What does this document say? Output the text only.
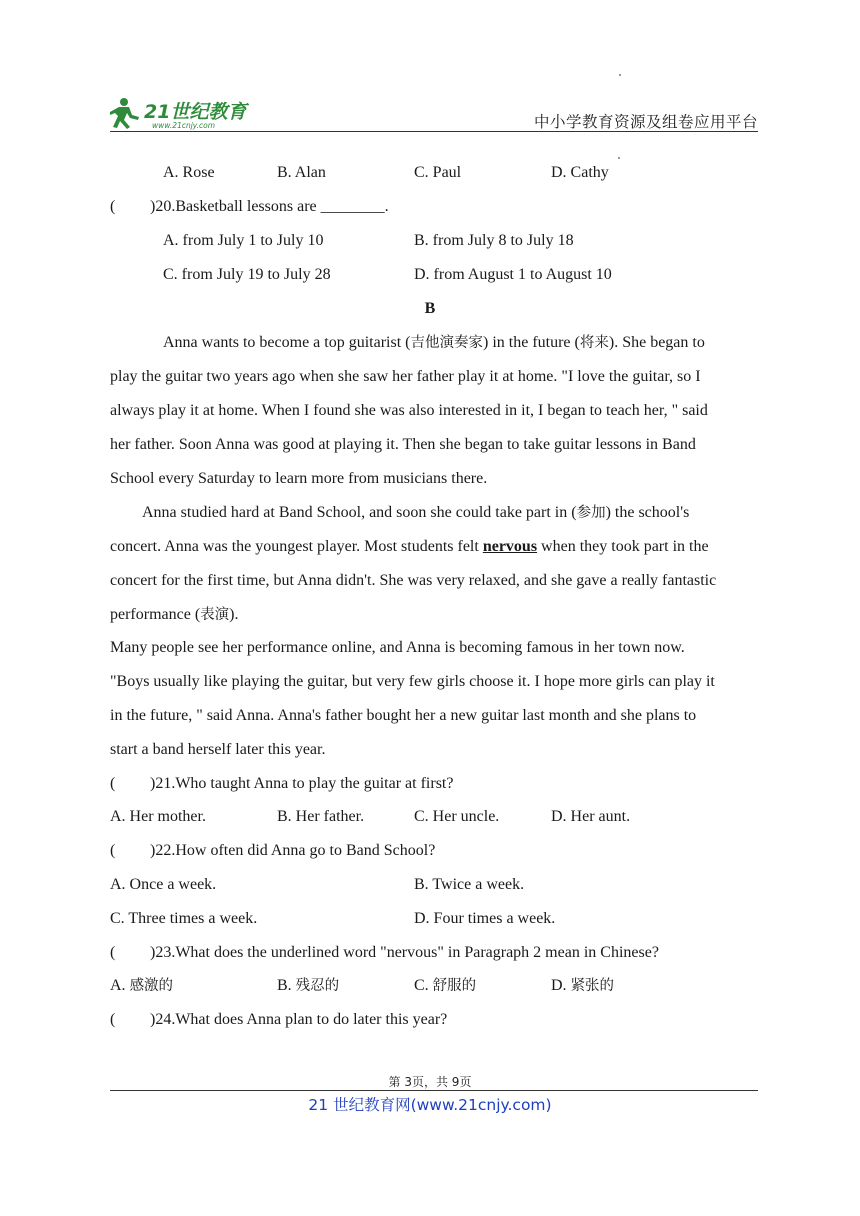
21世纪教育
www.21cnjy.com	中小学教育资源及组卷应用平台
A. Rose	B. Alan	C. Paul	D. Cathy
( )20.Basketball lessons are ________.
A. from July 1 to July 10	B. from July 8 to July 18
C. from July 19 to July 28	D. from August 1 to August 10
B
Anna wants to become a top guitarist (吉他演奏家) in the future (将来). She began to
play the guitar two years ago when she saw her father play it at home. "I love the guitar, so I
always play it at home. When I found she was also interested in it, I began to teach her, " said
her father. Soon Anna was good at playing it. Then she began to take guitar lessons in Band
School every Saturday to learn more from musicians there.
Anna studied hard at Band School, and soon she could take part in (参加) the school's
concert. Anna was the youngest player. Most students felt nervous when they took part in the
concert for the first time, but Anna didn't. She was very relaxed, and she gave a really fantastic
performance (表演).
Many people see her performance online, and Anna is becoming famous in her town now.
"Boys usually like playing the guitar, but very few girls choose it. I hope more girls can play it
in the future, " said Anna. Anna's father bought her a new guitar last month and she plans to
start a band herself later this year.
( )21.Who taught Anna to play the guitar at first?
A. Her mother.	B. Her father.	C. Her uncle.	D. Her aunt.
( )22.How often did Anna go to Band School?
A. Once a week.	B. Twice a week.
C. Three times a week.	D. Four times a week.
( )23.What does the underlined word "nervous" in Paragraph 2 mean in Chinese?
A. 感激的	B. 残忍的	C. 舒服的	D. 紧张的
( )24.What does Anna plan to do later this year?
第 3页，共 9页
21 世纪教育网(www.21cnjy.com)
